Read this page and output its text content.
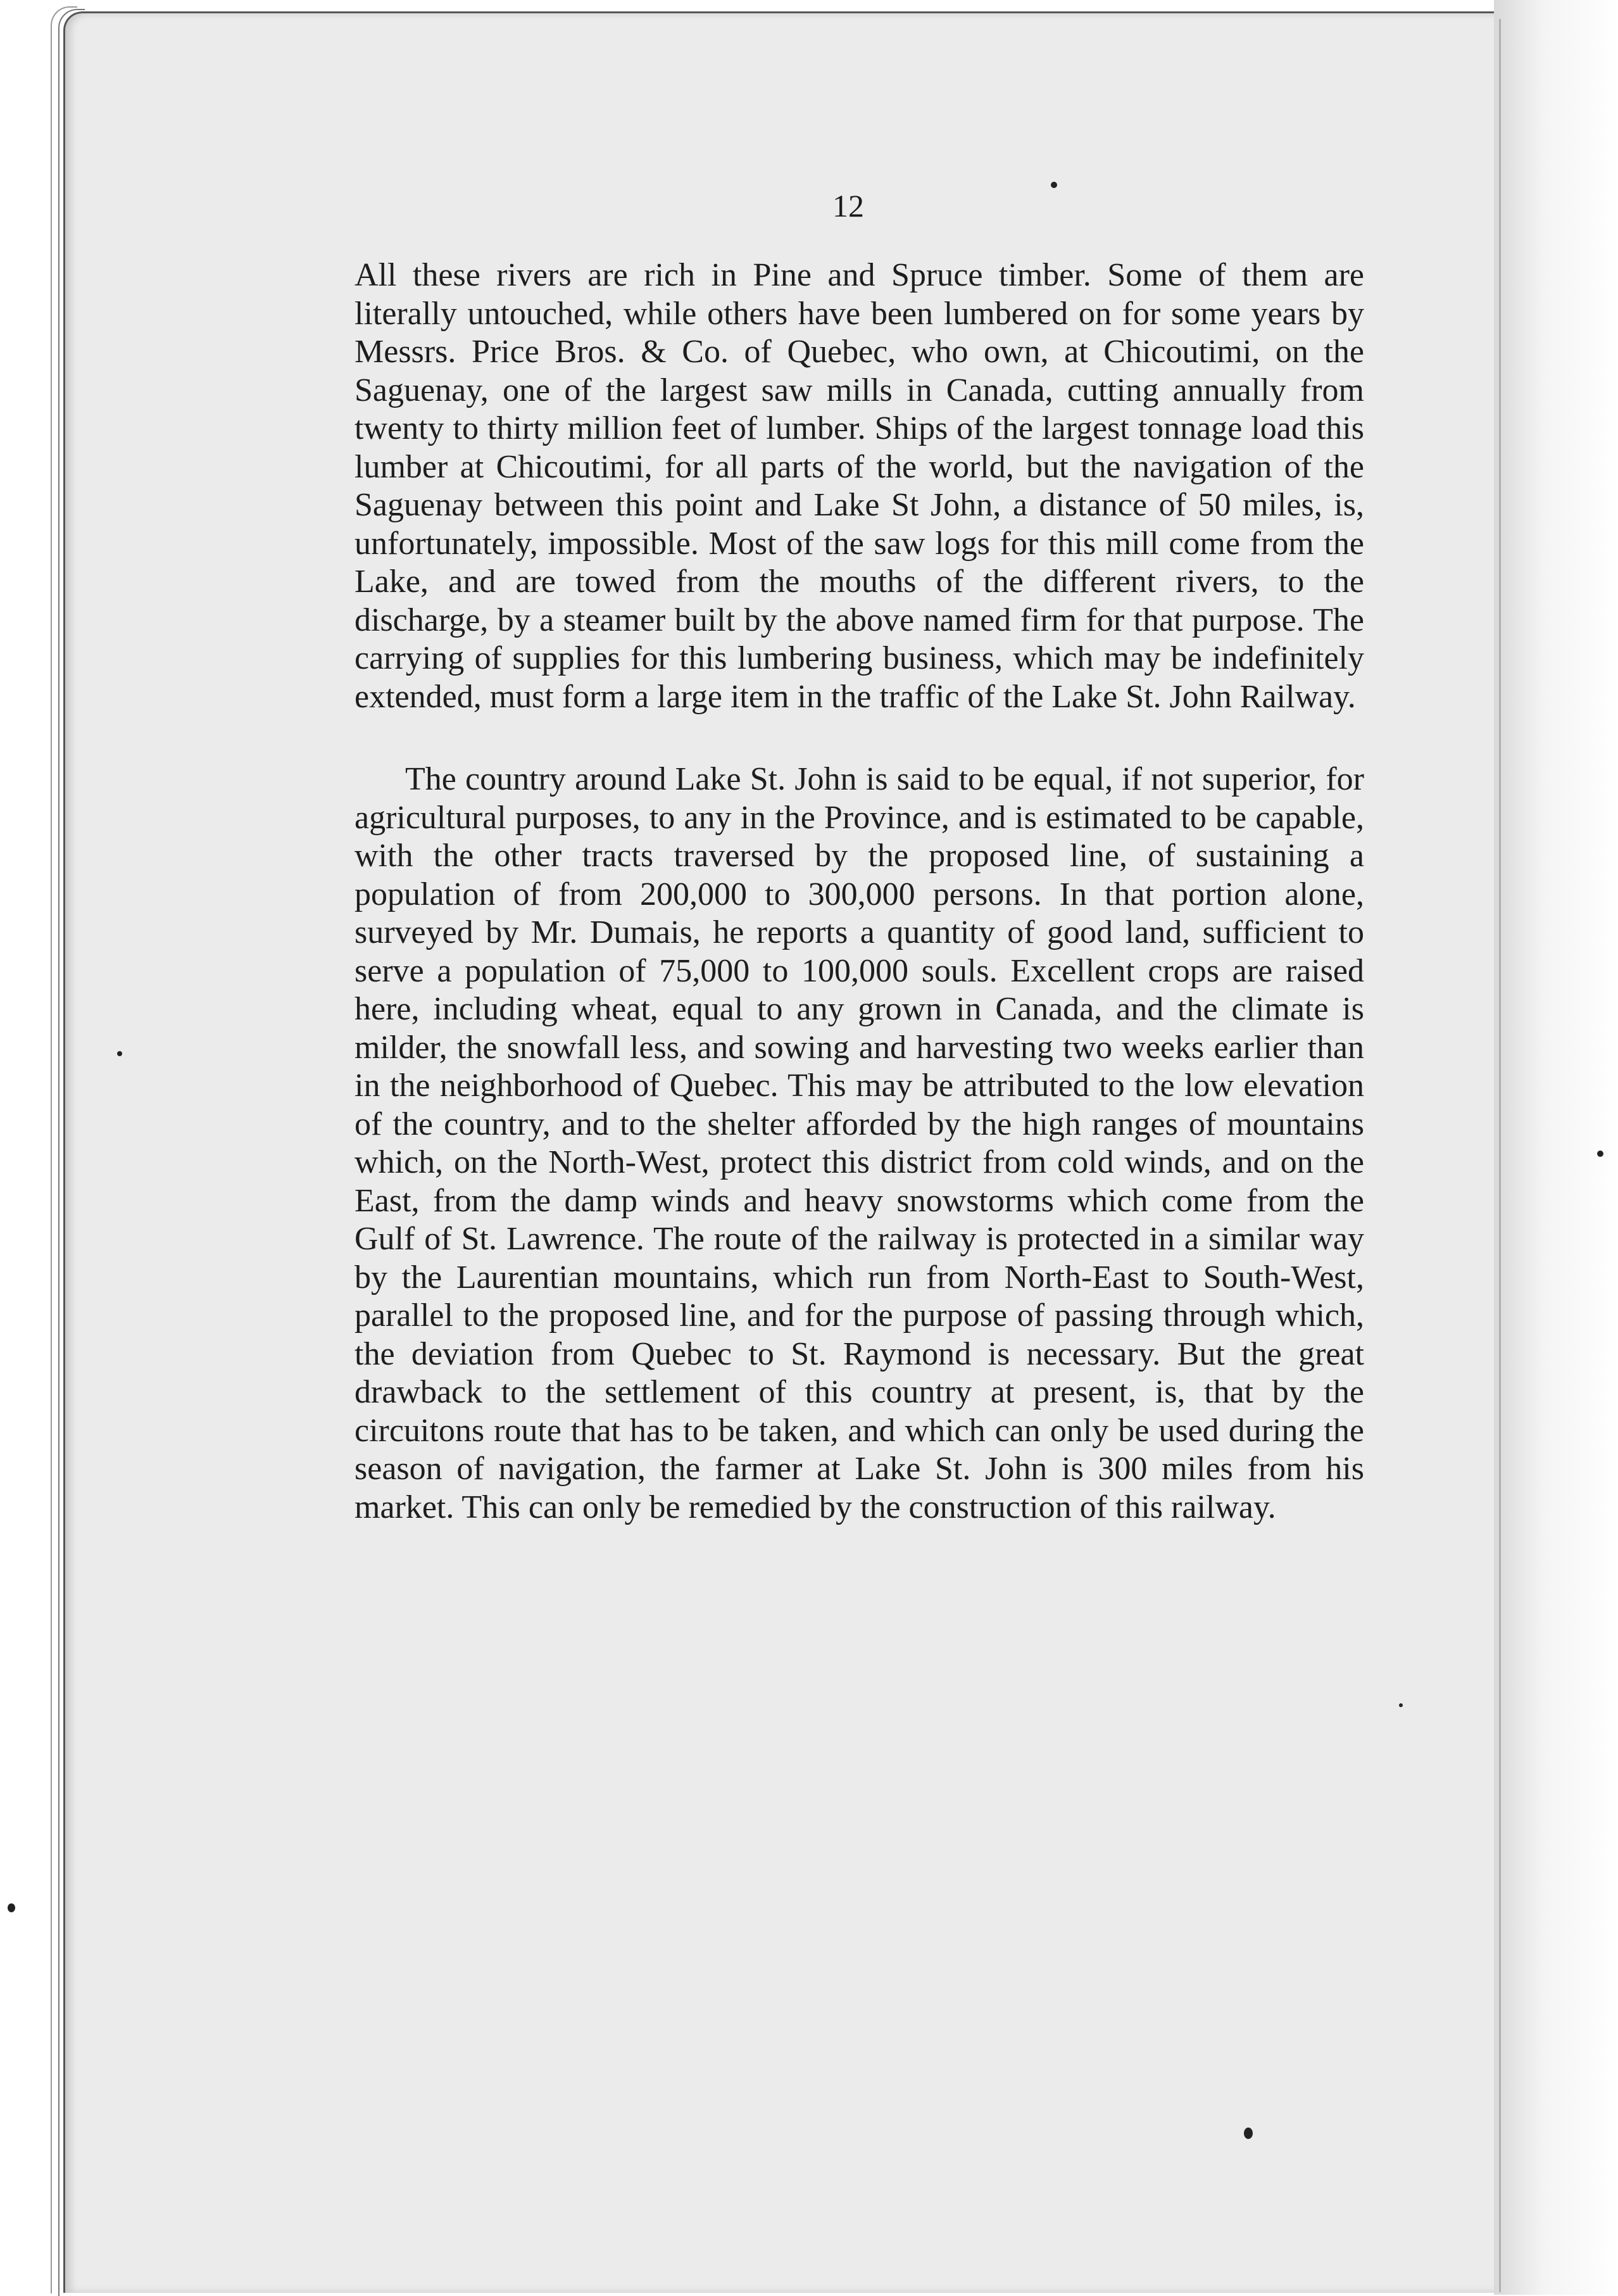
12

All these rivers are rich in Pine and Spruce timber. Some of them are literally untouched, while others have been lumbered on for some years by Messrs. Price Bros. & Co. of Quebec, who own, at Chicoutimi, on the Saguenay, one of the largest saw mills in Canada, cutting annually from twenty to thirty million feet of lumber. Ships of the largest tonnage load this lumber at Chicoutimi, for all parts of the world, but the navigation of the Saguenay between this point and Lake St John, a distance of 50 miles, is, unfortunately, impossible. Most of the saw logs for this mill come from the Lake, and are towed from the mouths of the different rivers, to the discharge, by a steamer built by the above named firm for that purpose. The carrying of supplies for this lumbering business, which may be indefinitely extended, must form a large item in the traffic of the Lake St. John Railway.

The country around Lake St. John is said to be equal, if not superior, for agricultural purposes, to any in the Province, and is estimated to be capable, with the other tracts traversed by the proposed line, of sustaining a population of from 200,000 to 300,000 persons. In that portion alone, surveyed by Mr. Dumais, he reports a quantity of good land, sufficient to serve a population of 75,000 to 100,000 souls. Excellent crops are raised here, including wheat, equal to any grown in Canada, and the climate is milder, the snowfall less, and sowing and harvesting two weeks earlier than in the neighborhood of Quebec. This may be attributed to the low elevation of the country, and to the shelter afforded by the high ranges of mountains which, on the North-West, protect this district from cold winds, and on the East, from the damp winds and heavy snowstorms which come from the Gulf of St. Lawrence. The route of the railway is protected in a similar way by the Laurentian mountains, which run from North-East to South-West, parallel to the proposed line, and for the purpose of passing through which, the deviation from Quebec to St. Raymond is necessary. But the great drawback to the settlement of this country at present, is, that by the circuitons route that has to be taken, and which can only be used during the season of navigation, the farmer at Lake St. John is 300 miles from his market. This can only be remedied by the construction of this railway.
